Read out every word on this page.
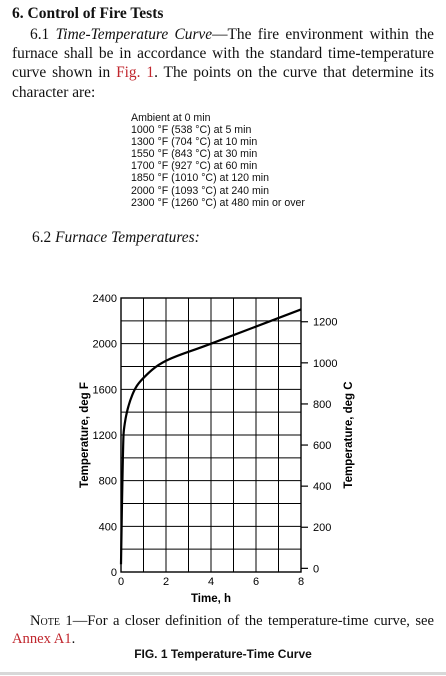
6. Control of Fire Tests
6.1 Time-Temperature Curve—The fire environment within the furnace shall be in accordance with the standard time-temperature curve shown in Fig. 1. The points on the curve that determine its character are:
Ambient at 0 min
1000 °F (538 °C) at 5 min
1300 °F (704 °C) at 10 min
1550 °F (843 °C) at 30 min
1700 °F (927 °C) at 60 min
1850 °F (1010 °C) at 120 min
2000 °F (1093 °C) at 240 min
2300 °F (1260 °C) at 480 min or over
6.2 Furnace Temperatures:
0	2	4	6	8
0
400
800
1200
1600
2000
2400
0
200
400
600
800
1000
1200
Time, h
Temperature, deg F	Temperature, deg C
Note 1—For a closer definition of the temperature-time curve, see Annex A1.
FIG. 1 Temperature-Time Curve
